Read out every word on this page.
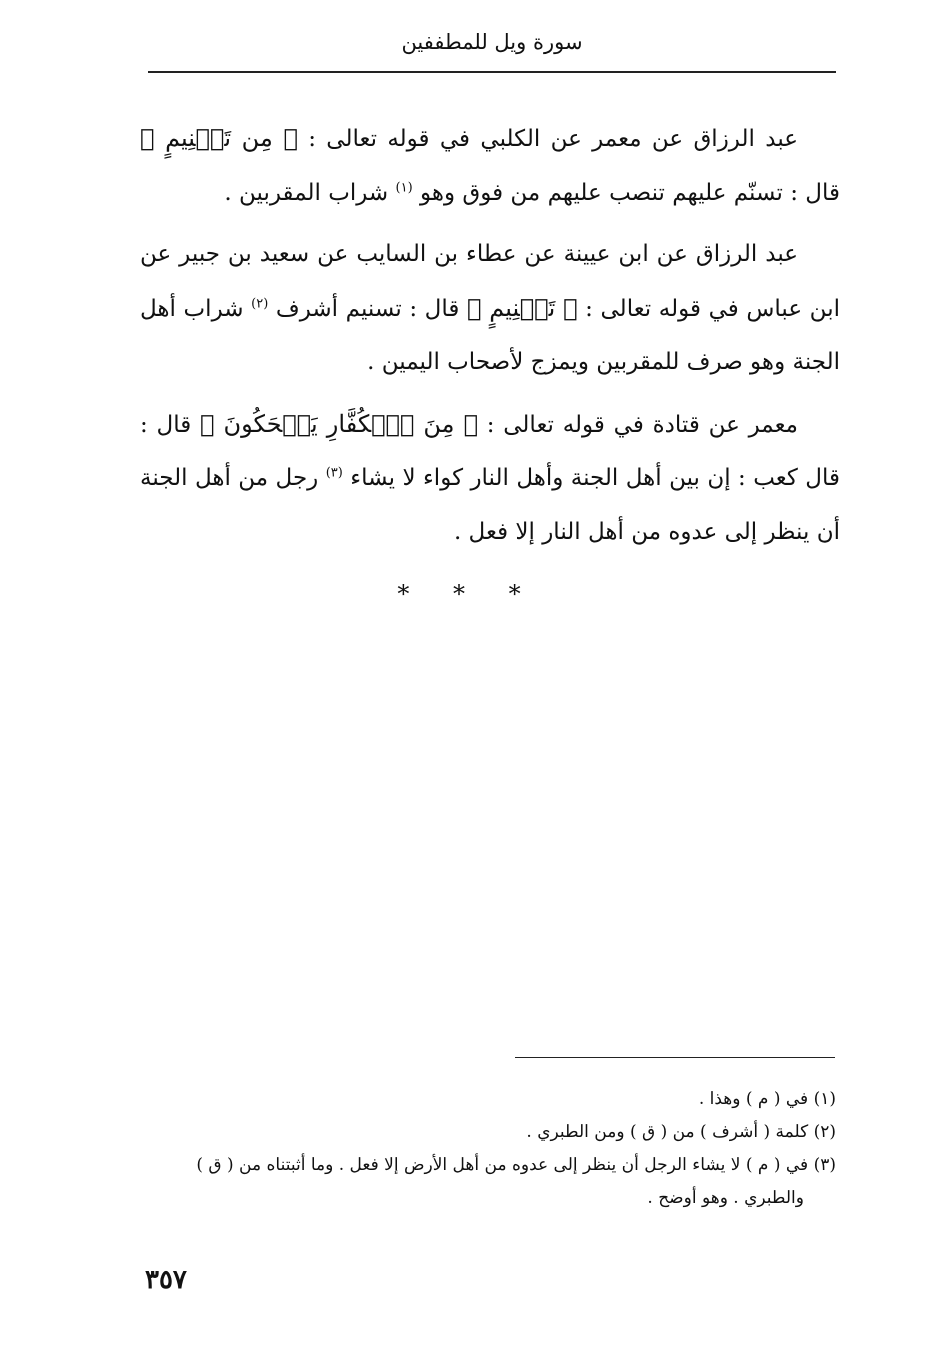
سورة ويل للمطففين

عبد الرزاق عن معمر عن الكلبي في قوله تعالى : ﴿ مِن تَسۡنِيمٍ ﴾ قال : تسنّم عليهم تنصب عليهم من فوق وهو $^{(١)}$ شراب المقربين .

عبد الرزاق عن ابن عيينة عن عطاء بن السايب عن سعيد بن جبير عن ابن عباس في قوله تعالى : ﴿ تَسۡنِيمٍ ﴾ قال : تسنيم أشرف $^{(٢)}$ شراب أهل الجنة وهو صرف للمقربين ويمزج لأصحاب اليمين .

معمر عن قتادة في قوله تعالى : ﴿ مِنَ ٱلۡكُفَّارِ يَضۡحَكُونَ ﴾ قال : قال كعب : إن بين أهل الجنة وأهل النار كواء لا يشاء $^{(٣)}$ رجل من أهل الجنة أن ينظر إلى عدوه من أهل النار إلا فعل .

* * *

(١) في ( م ) وهذا .

(٢) كلمة ( أشرف ) من ( ق ) ومن الطبري .

(٣) في ( م ) لا يشاء الرجل أن ينظر إلى عدوه من أهل الأرض إلا فعل . وما أثبتناه من ( ق )

والطبري . وهو أوضح .

٣٥٧
